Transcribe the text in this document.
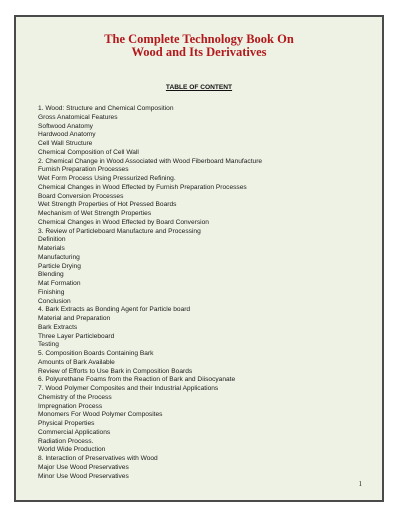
The Complete Technology Book On
Wood and Its Derivatives
TABLE OF CONTENT
1. Wood: Structure and Chemical Composition
Gross Anatomical Features
Softwood Anatomy
Hardwood Anatomy
Cell Wall Structure
Chemical Composition of Cell Wall
2. Chemical Change in Wood Associated with Wood Fiberboard Manufacture
Furnish Preparation Processes
Wet Form Process Using Pressurized Refining.
Chemical Changes in Wood Effected by Furnish Preparation Processes
Board Conversion Processes
Wet Strength Properties of Hot Pressed Boards
Mechanism of Wet Strength Properties
Chemical Changes in Wood Effected by Board Conversion
3. Review of Particleboard Manufacture and Processing
Definition
Materials
Manufacturing
Particle Drying
Blending
Mat Formation
Finishing
Conclusion
4. Bark Extracts as Bonding Agent for Particle board
Material and Preparation
Bark Extracts
Three Layer Particleboard
Testing
5. Composition Boards Containing Bark
Amounts of Bark Available
Review of Efforts to Use Bark in Composition Boards
6. Polyurethane Foams from the Reaction of Bark and Diisocyanate
7. Wood Polymer Composites and their Industrial Applications
Chemistry of the Process
Impregnation Process
Monomers For Wood Polymer Composites
Physical Properties
Commercial Applications
Radiation Process.
World Wide Production
8. Interaction of Preservatives with Wood
Major Use Wood Preservatives
Minor Use Wood Preservatives
1
